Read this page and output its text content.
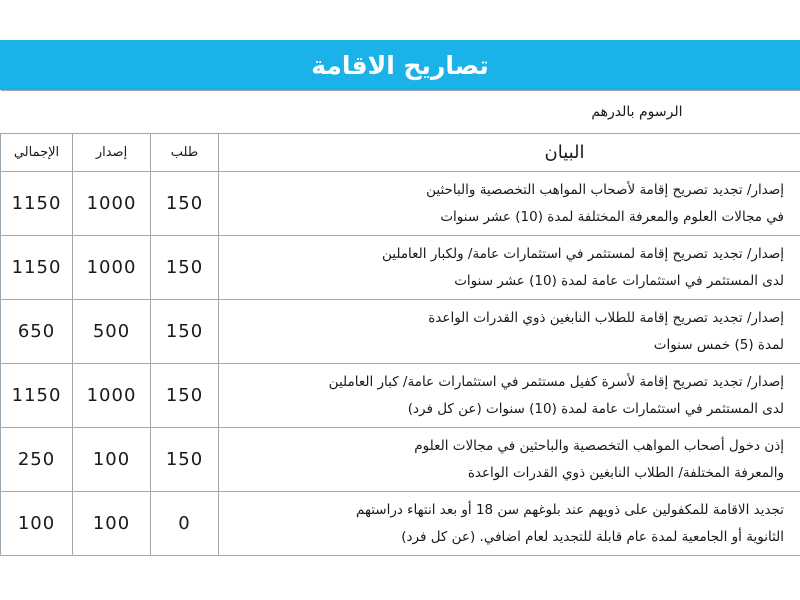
تصاريح الاقامة
الرسوم بالدرهم			
البيان	طلب	إصدار	الإجمالي

إصدار/ تجديد تصريح إقامة لأصحاب المواهب التخصصية والباحثين
في مجالات العلوم والمعرفة المختلفة لمدة (10) عشر سنوات	150	1000	1150

إصدار/ تجديد تصريح إقامة لمستثمر في استثمارات عامة/ ولكبار العاملين
لدى المستثمر في استثمارات عامة لمدة (10) عشر سنوات	150	1000	1150

إصدار/ تجديد تصريح إقامة للطلاب النابغين ذوي القدرات الواعدة
لمدة (5) خمس سنوات	150	500	650

إصدار/ تجديد تصريح إقامة لأسرة كفيل مستثمر في استثمارات عامة/ كبار العاملين
لدى المستثمر في استثمارات عامة لمدة (10) سنوات (عن كل فرد)	150	1000	1150

إذن دخول أصحاب المواهب التخصصية والباحثين في مجالات العلوم
والمعرفة المختلفة/ الطلاب النابغين ذوي القدرات الواعدة	150	100	250

تجديد الاقامة للمكفولين على ذويهم عند بلوغهم سن 18 أو بعد انتهاء دراستهم
الثانوية أو الجامعية لمدة عام قابلة للتجديد لعام اضافي. (عن كل فرد)	0	100	100
